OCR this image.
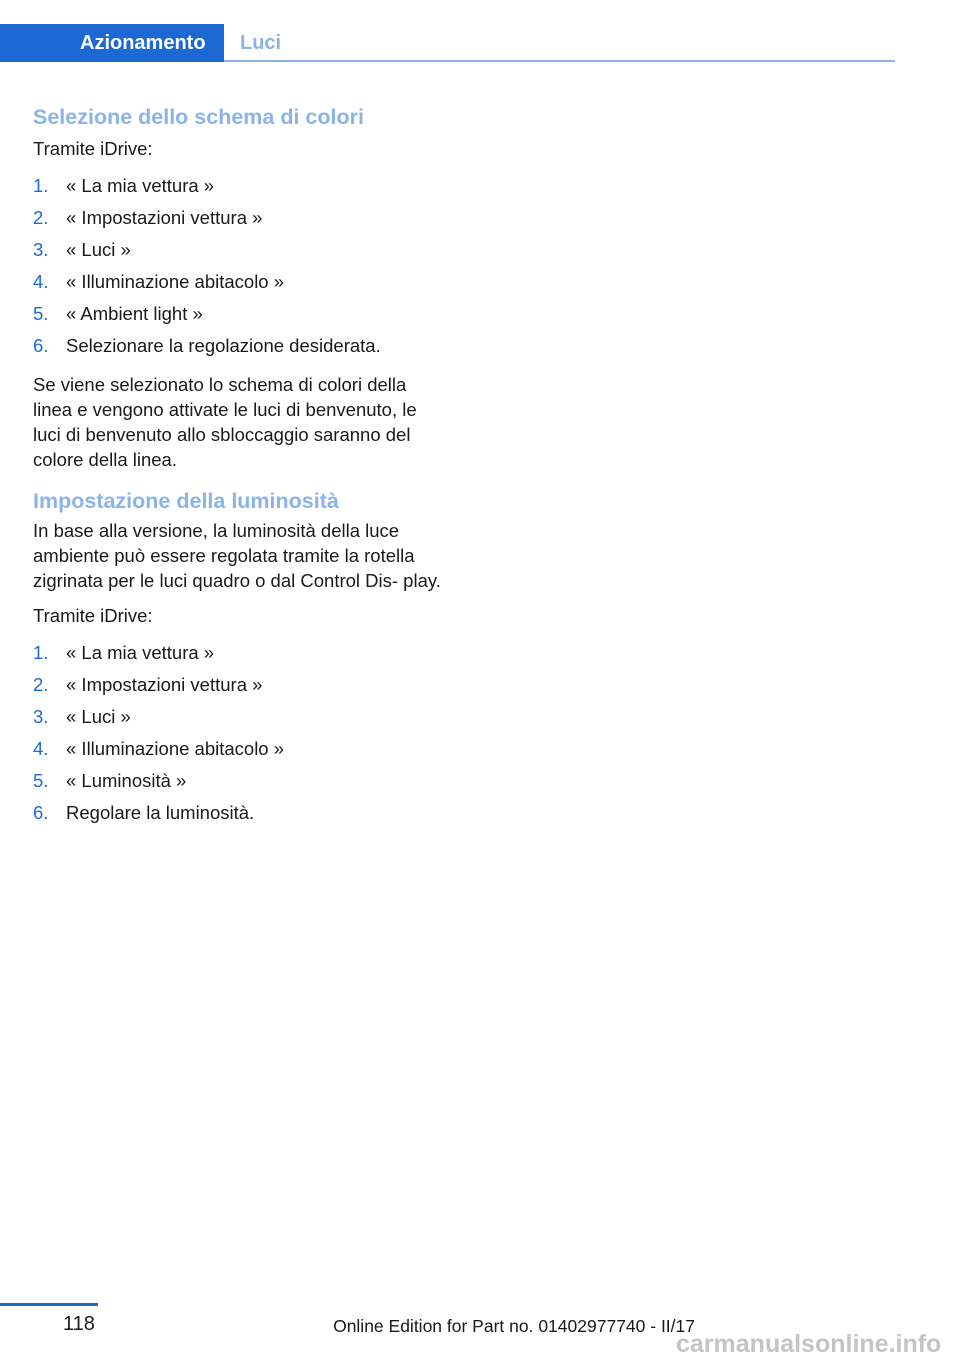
Azionamento	Luci
Selezione dello schema di colori

Tramite iDrive:

1. « La mia vettura »
2. « Impostazioni vettura »
3. « Luci »
4. « Illuminazione abitacolo »
5. « Ambient light »
6. Selezionare la regolazione desiderata.

Se viene selezionato lo schema di colori della linea e vengono attivate le luci di benvenuto, le luci di benvenuto allo sbloccaggio saranno del colore della linea.

Impostazione della luminosità

In base alla versione, la luminosità della luce ambiente può essere regolata tramite la rotella zigrinata per le luci quadro o dal Control Dis- play.

Tramite iDrive:

1. « La mia vettura »
2. « Impostazioni vettura »
3. « Luci »
4. « Illuminazione abitacolo »
5. « Luminosità »
6. Regolare la luminosità.
118	Online Edition for Part no. 01402977740 - II/17
carmanualsonline.info
